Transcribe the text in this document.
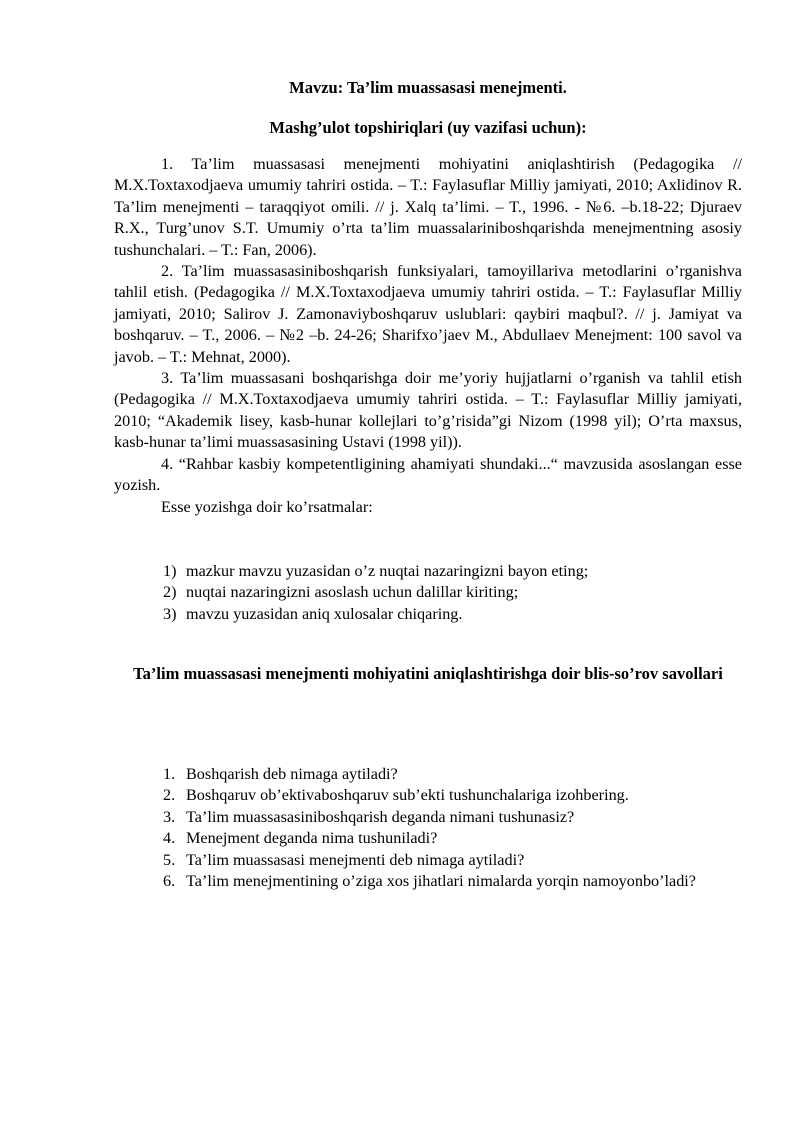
Mavzu: Ta’lim muassasasi menejmenti.
Mashg’ulot topshiriqlari (uy vazifasi uchun):

1. Ta’lim muassasasi menejmenti mohiyatini aniqlashtirish (Pedagogika // M.X.Toxtaxodjaeva umumiy tahriri ostida. – T.: Faylasuflar Milliy jamiyati, 2010; Axlidinov R. Ta’lim menejmenti – taraqqiyot omili. // j. Xalq ta’limi. – T., 1996. - №6. –b.18-22; Djuraev R.X., Turg’unov S.T. Umumiy o’rta ta’lim muassalariniboshqarishda menejmentning asosiy tushunchalari. – T.: Fan, 2006).

2. Ta’lim muassasasiniboshqarish funksiyalari, tamoyillariva metodlarini o’rganishva tahlil etish. (Pedagogika // M.X.Toxtaxodjaeva umumiy tahriri ostida. – T.: Faylasuflar Milliy jamiyati, 2010; Salirov J. Zamonaviyboshqaruv uslublari: qaybiri maqbul?. // j. Jamiyat va boshqaruv. – T., 2006. – №2 –b. 24-26; Sharifxo’jaev M., Abdullaev Menejment: 100 savol va javob. – T.: Mehnat, 2000).

3. Ta’lim muassasani boshqarishga doir me’yoriy hujjatlarni o’rganish va tahlil etish (Pedagogika // M.X.Toxtaxodjaeva umumiy tahriri ostida. – T.: Faylasuflar Milliy jamiyati, 2010; “Akademik lisey, kasb-hunar kollejlari to’g’risida”gi Nizom (1998 yil); O’rta maxsus, kasb-hunar ta’limi muassasasining Ustavi (1998 yil)).

4. “Rahbar kasbiy kompetentligining ahamiyati shundaki...“ mavzusida asoslangan esse yozish.

Esse yozishga doir ko’rsatmalar:

1) mazkur mavzu yuzasidan o’z nuqtai nazaringizni bayon eting;
2) nuqtai nazaringizni asoslash uchun dalillar kiriting;
3) mavzu yuzasidan aniq xulosalar chiqaring.
Ta’lim muassasasi menejmenti mohiyatini aniqlashtirishga doir blis-so’rov savollari
1. Boshqarish deb nimaga aytiladi?
2. Boshqaruv ob’ektivaboshqaruv sub’ekti tushunchalariga izohbering.
3. Ta’lim muassasasiniboshqarish deganda nimani tushunasiz?
4. Menejment deganda nima tushuniladi?
5. Ta’lim muassasasi menejmenti deb nimaga aytiladi?
6. Ta’lim menejmentining o’ziga xos jihatlari nimalarda yorqin namoyonbo’ladi?
